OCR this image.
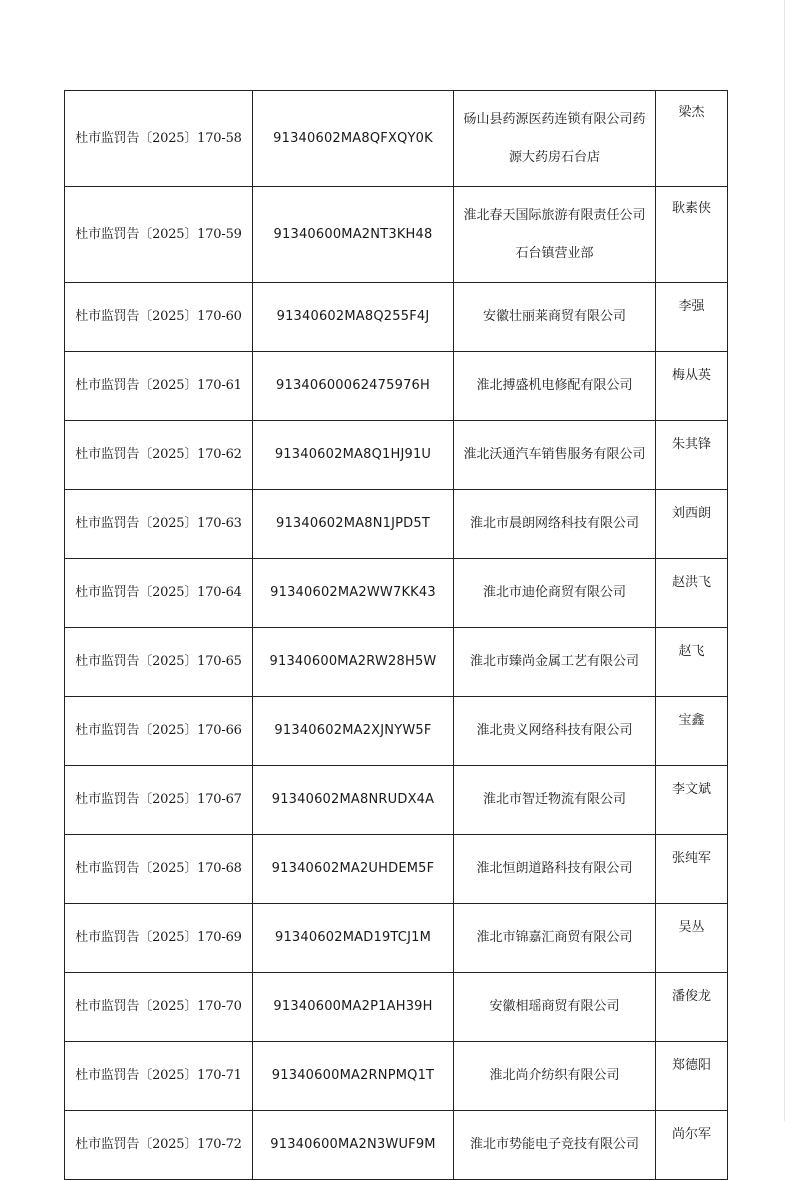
杜市监罚告〔2025〕170-58	91340602MA8QFXQY0K	砀山县药源医药连锁有限公司药
源大药房石台店	梁杰
杜市监罚告〔2025〕170-59	91340600MA2NT3KH48	淮北春天国际旅游有限责任公司
石台镇营业部	耿素侠
杜市监罚告〔2025〕170-60	91340602MA8Q255F4J	安徽壮丽莱商贸有限公司	李强
杜市监罚告〔2025〕170-61	91340600062475976H	淮北搏盛机电修配有限公司	梅从英
杜市监罚告〔2025〕170-62	91340602MA8Q1HJ91U	淮北沃通汽车销售服务有限公司	朱其锋
杜市监罚告〔2025〕170-63	91340602MA8N1JPD5T	淮北市晨朗网络科技有限公司	刘西朗
杜市监罚告〔2025〕170-64	91340602MA2WW7KK43	淮北市迪伦商贸有限公司	赵洪飞
杜市监罚告〔2025〕170-65	91340600MA2RW28H5W	淮北市臻尚金属工艺有限公司	赵飞
杜市监罚告〔2025〕170-66	91340602MA2XJNYW5F	淮北贵义网络科技有限公司	宝鑫
杜市监罚告〔2025〕170-67	91340602MA8NRUDX4A	淮北市智迁物流有限公司	李文斌
杜市监罚告〔2025〕170-68	91340602MA2UHDEM5F	淮北恒朗道路科技有限公司	张纯军
杜市监罚告〔2025〕170-69	91340602MAD19TCJ1M	淮北市锦嘉汇商贸有限公司	吴丛
杜市监罚告〔2025〕170-70	91340600MA2P1AH39H	安徽相瑶商贸有限公司	潘俊龙
杜市监罚告〔2025〕170-71	91340600MA2RNPMQ1T	淮北尚介纺织有限公司	郑德阳
杜市监罚告〔2025〕170-72	91340600MA2N3WUF9M	淮北市势能电子竞技有限公司	尚尔军
